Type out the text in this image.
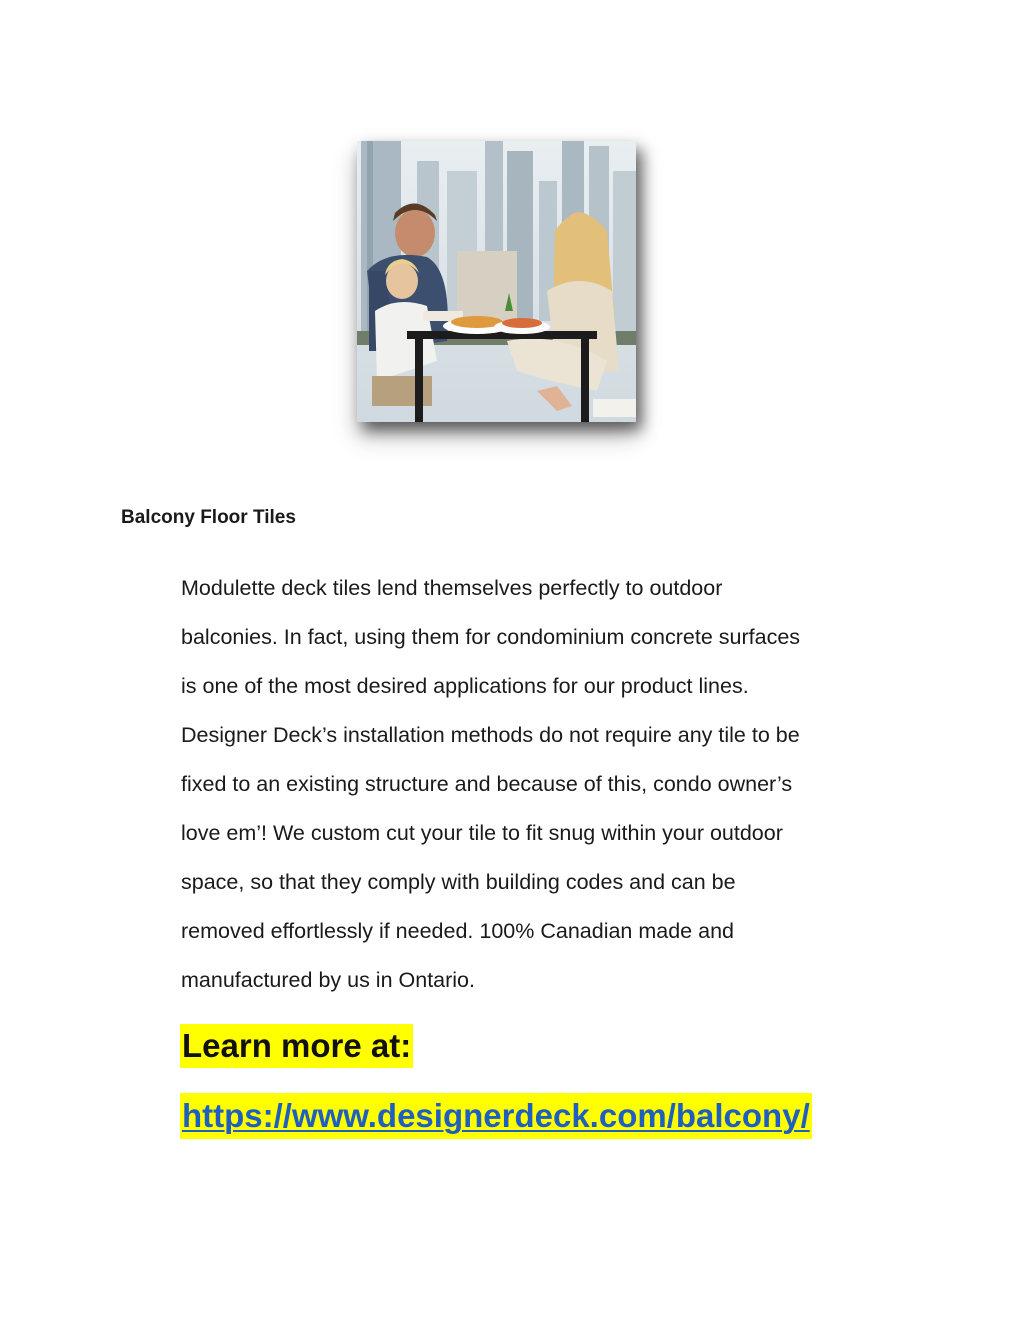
Balcony Floor Tiles
Modulette deck tiles lend themselves perfectly to outdoor
balconies. In fact, using them for condominium concrete surfaces
is one of the most desired applications for our product lines.
Designer Deck’s installation methods do not require any tile to be
fixed to an existing structure and because of this, condo owner’s
love em’! We custom cut your tile to fit snug within your outdoor
space, so that they comply with building codes and can be
removed effortlessly if needed. 100% Canadian made and
manufactured by us in Ontario.
Learn more at:
https://www.designerdeck.com/balcony/
